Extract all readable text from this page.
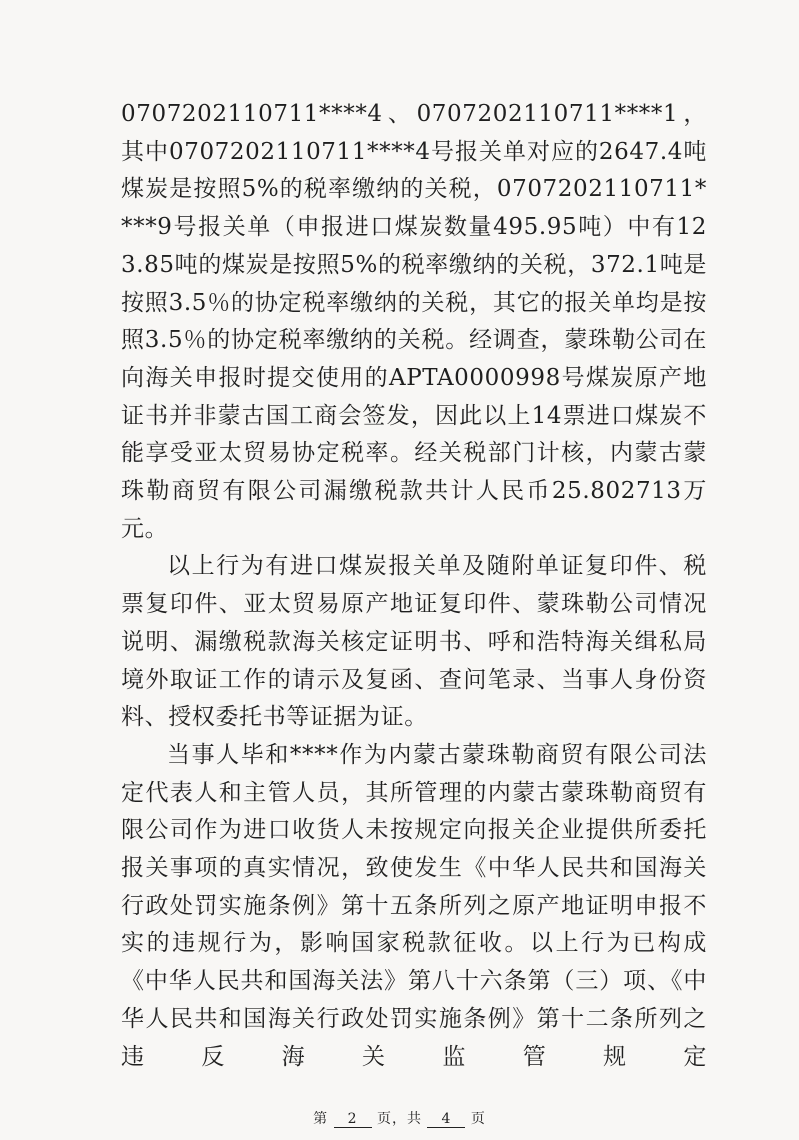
0707202110711****4、0707202110711****1，其中0707202110711****4号报关单对应的2647.4吨煤炭是按照5%的税率缴纳的关税，0707202110711****9号报关单（申报进口煤炭数量495.95吨）中有123.85吨的煤炭是按照5%的税率缴纳的关税，372.1吨是按照3.5％的协定税率缴纳的关税，其它的报关单均是按照3.5％的协定税率缴纳的关税。经调查，蒙珠勒公司在向海关申报时提交使用的APTA0000998号煤炭原产地证书并非蒙古国工商会签发，因此以上14票进口煤炭不能享受亚太贸易协定税率。经关税部门计核，内蒙古蒙珠勒商贸有限公司漏缴税款共计人民币25.802713万元。

以上行为有进口煤炭报关单及随附单证复印件、税票复印件、亚太贸易原产地证复印件、蒙珠勒公司情况说明、漏缴税款海关核定证明书、呼和浩特海关缉私局境外取证工作的请示及复函、查问笔录、当事人身份资料、授权委托书等证据为证。

当事人毕和****作为内蒙古蒙珠勒商贸有限公司法定代表人和主管人员，其所管理的内蒙古蒙珠勒商贸有限公司作为进口收货人未按规定向报关企业提供所委托报关事项的真实情况，致使发生《中华人民共和国海关行政处罚实施条例》第十五条所列之原产地证明申报不实的违规行为，影响国家税款征收。以上行为已构成《中华人民共和国海关法》第八十六条第（三）项、《中华人民共和国海关行政处罚实施条例》第十二条所列之违反海关监管规定

第 2 页，共 4 页
